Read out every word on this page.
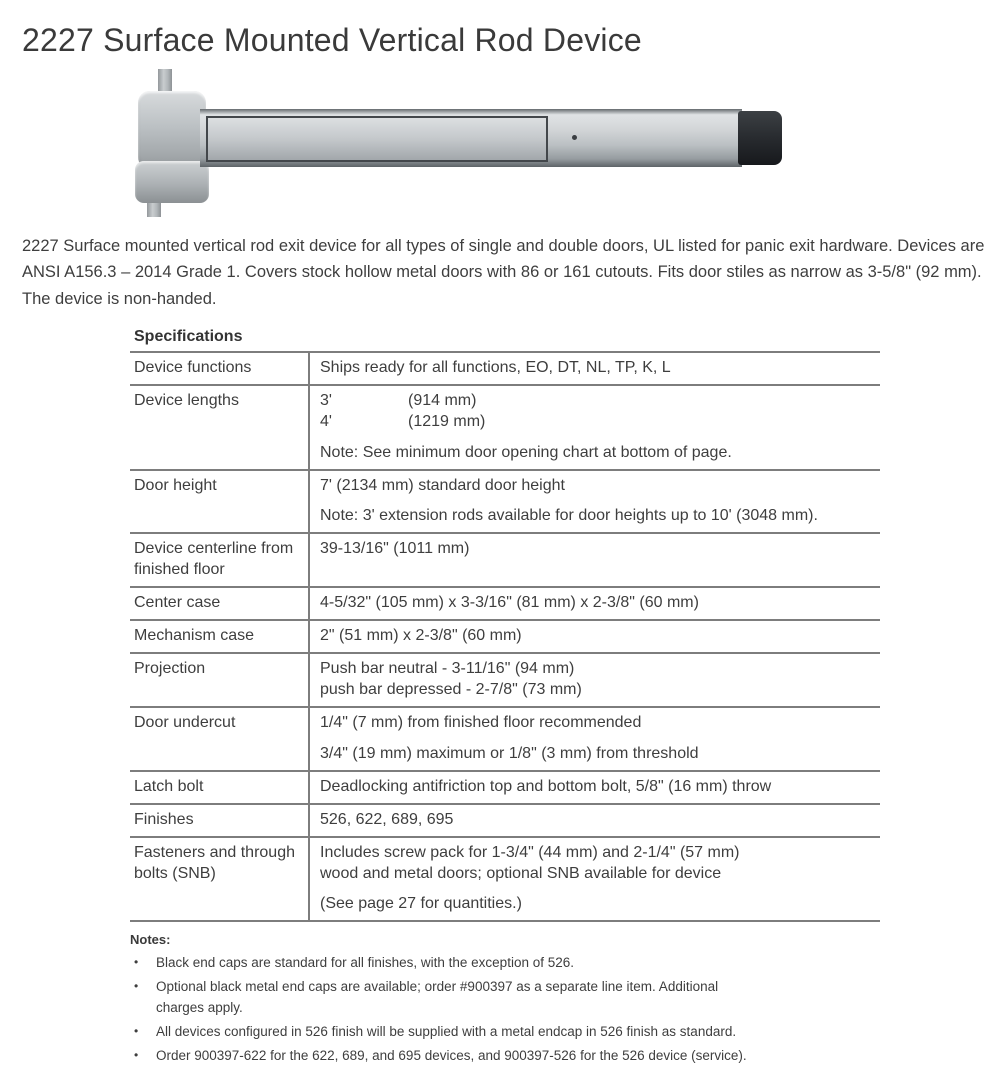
2227 Surface Mounted Vertical Rod Device

2227 Surface mounted vertical rod exit device for all types of single and double doors, UL listed for panic exit hardware. Devices are ANSI A156.3 – 2014 Grade 1. Covers stock hollow metal doors with 86 or 161 cutouts. Fits door stiles as narrow as 3-5/8" (92 mm). The device is non-handed.

Specifications
Device functions	Ships ready for all functions, EO, DT, NL, TP, K, L

Device lengths	3' (914 mm)
4' (1219 mm)
Note: See minimum door opening chart at bottom of page.

Door height	7' (2134 mm) standard door height
Note: 3' extension rods available for door heights up to 10' (3048 mm).

Device centerline from finished floor	39-13/16" (1011 mm)

Center case	4-5/32" (105 mm) x 3-3/16" (81 mm) x 2-3/8" (60 mm)

Mechanism case	2" (51 mm) x 2-3/8" (60 mm)

Projection	Push bar neutral - 3-11/16" (94 mm)
push bar depressed - 2-7/8" (73 mm)

Door undercut	1/4" (7 mm) from finished floor recommended
3/4" (19 mm) maximum or 1/8" (3 mm) from threshold

Latch bolt	Deadlocking antifriction top and bottom bolt, 5/8" (16 mm) throw

Finishes	526, 622, 689, 695

Fasteners and through bolts (SNB)	Includes screw pack for 1-3/4" (44 mm) and 2-1/4" (57 mm)
wood and metal doors; optional SNB available for device
(See page 27 for quantities.)
Notes:
•	Black end caps are standard for all finishes, with the exception of 526.
•	Optional black metal end caps are available; order #900397 as a separate line item. Additional
charges apply.
•	All devices configured in 526 finish will be supplied with a metal endcap in 526 finish as standard.
•	Order 900397-622 for the 622, 689, and 695 devices, and 900397-526 for the 526 device (service).
